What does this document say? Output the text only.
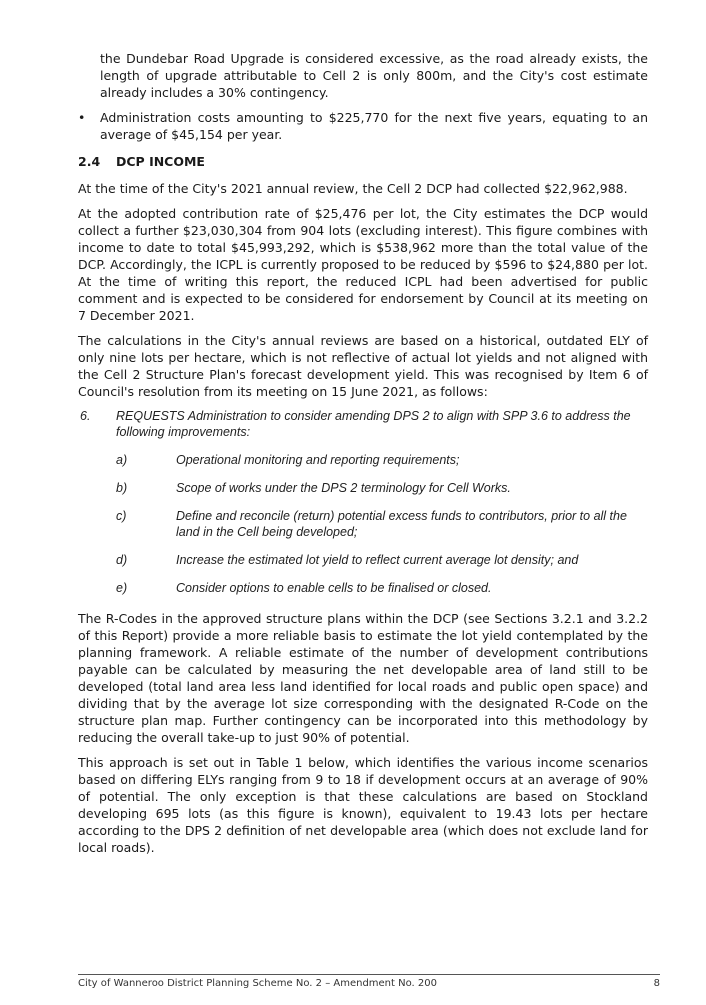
the Dundebar Road Upgrade is considered excessive, as the road already exists, the length of upgrade attributable to Cell 2 is only 800m, and the City's cost estimate already includes a 30% contingency.

•	Administration costs amounting to $225,770 for the next five years, equating to an average of $45,154 per year.
2.4	DCP INCOME

At the time of the City's 2021 annual review, the Cell 2 DCP had collected $22,962,988.

At the adopted contribution rate of $25,476 per lot, the City estimates the DCP would collect a further $23,030,304 from 904 lots (excluding interest). This figure combines with income to date to total $45,993,292, which is $538,962 more than the total value of the DCP. Accordingly, the ICPL is currently proposed to be reduced by $596 to $24,880 per lot. At the time of writing this report, the reduced ICPL had been advertised for public comment and is expected to be considered for endorsement by Council at its meeting on 7 December 2021.

The calculations in the City's annual reviews are based on a historical, outdated ELY of only nine lots per hectare, which is not reflective of actual lot yields and not aligned with the Cell 2 Structure Plan's forecast development yield. This was recognised by Item 6 of Council's resolution from its meeting on 15 June 2021, as follows:

6.	REQUESTS Administration to consider amending DPS 2 to align with SPP 3.6 to address the following improvements:
a)	Operational monitoring and reporting requirements;
b)	Scope of works under the DPS 2 terminology for Cell Works.
c)	Define and reconcile (return) potential excess funds to contributors, prior to all the land in the Cell being developed;
d)	Increase the estimated lot yield to reflect current average lot density; and
e)	Consider options to enable cells to be finalised or closed.

The R-Codes in the approved structure plans within the DCP (see Sections 3.2.1 and 3.2.2 of this Report) provide a more reliable basis to estimate the lot yield contemplated by the planning framework. A reliable estimate of the number of development contributions payable can be calculated by measuring the net developable area of land still to be developed (total land area less land identified for local roads and public open space) and dividing that by the average lot size corresponding with the designated R-Code on the structure plan map. Further contingency can be incorporated into this methodology by reducing the overall take-up to just 90% of potential.

This approach is set out in Table 1 below, which identifies the various income scenarios based on differing ELYs ranging from 9 to 18 if development occurs at an average of 90% of potential. The only exception is that these calculations are based on Stockland developing 695 lots (as this figure is known), equivalent to 19.43 lots per hectare according to the DPS 2 definition of net developable area (which does not exclude land for local roads).

City of Wanneroo District Planning Scheme No. 2 – Amendment No. 200	8
